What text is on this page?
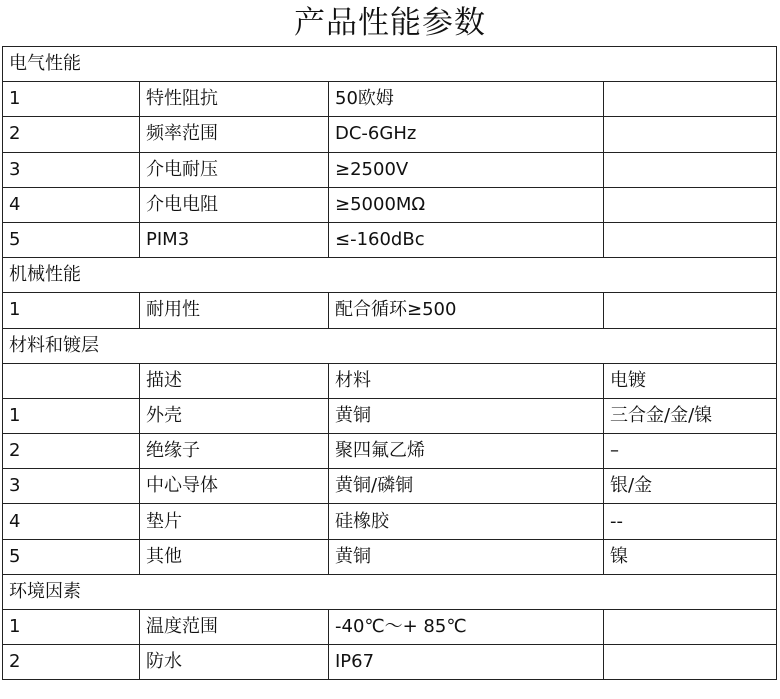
产品性能参数
电气性能			
1	特性阻抗	50欧姆	
2	频率范围	DC-6GHz	
3	介电耐压	≥2500V	
4	介电电阻	≥5000MΩ	
5	PIM3	≤-160dBc	
机械性能			
1	耐用性	配合循环≥500	
材料和镀层			
	描述	材料	电镀
1	外壳	黄铜	三合金/金/镍
2	绝缘子	聚四氟乙烯	–
3	中心导体	黄铜/磷铜	银/金
4	垫片	硅橡胶	--
5	其他	黄铜	镍
环境因素			
1	温度范围	-40℃～+ 85℃	
2	防水	IP67	
